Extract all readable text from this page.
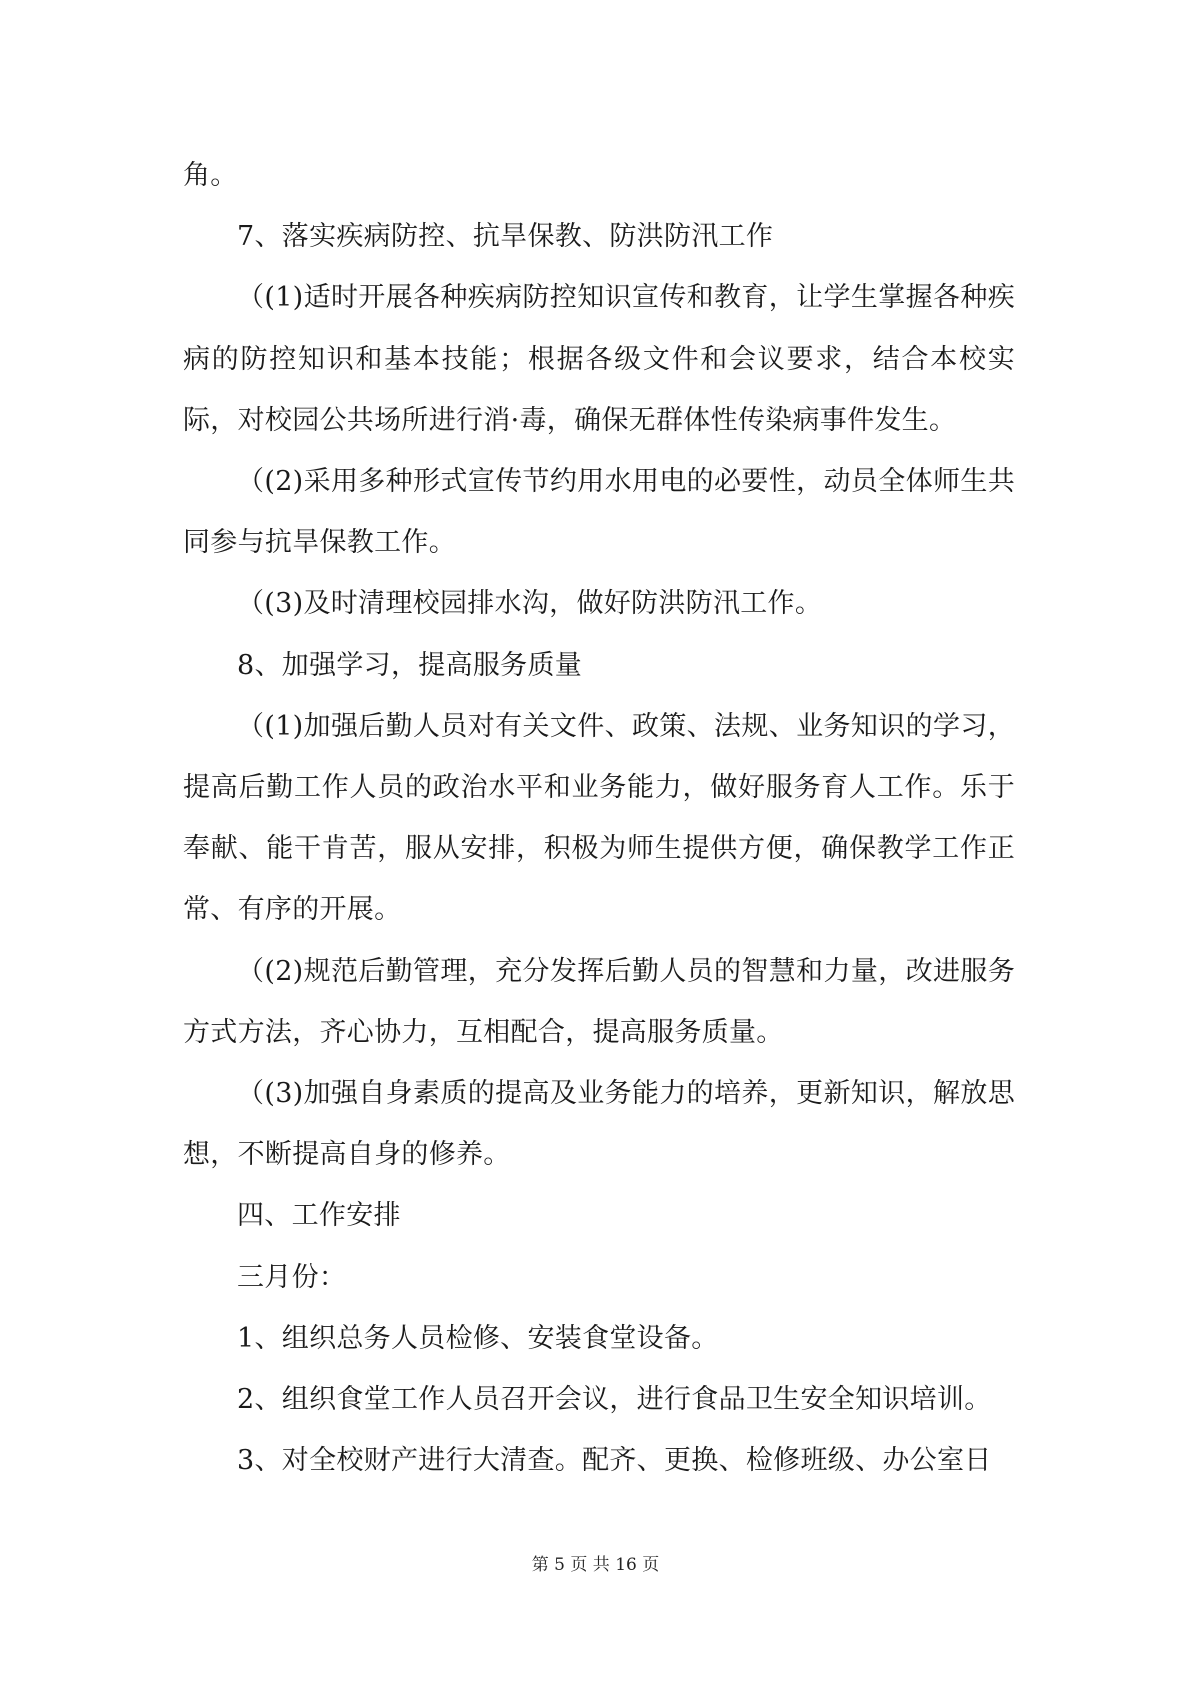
角。

7、落实疾病防控、抗旱保教、防洪防汛工作

（(1)适时开展各种疾病防控知识宣传和教育，让学生掌握各种疾病的防控知识和基本技能；根据各级文件和会议要求，结合本校实际，对校园公共场所进行消·毒，确保无群体性传染病事件发生。

（(2)采用多种形式宣传节约用水用电的必要性，动员全体师生共同参与抗旱保教工作。

（(3)及时清理校园排水沟，做好防洪防汛工作。

8、加强学习，提高服务质量

（(1)加强后勤人员对有关文件、政策、法规、业务知识的学习，提高后勤工作人员的政治水平和业务能力，做好服务育人工作。乐于奉献、能干肯苦，服从安排，积极为师生提供方便，确保教学工作正常、有序的开展。

（(2)规范后勤管理，充分发挥后勤人员的智慧和力量，改进服务方式方法，齐心协力，互相配合，提高服务质量。

（(3)加强自身素质的提高及业务能力的培养，更新知识，解放思想，不断提高自身的修养。

四、工作安排

三月份：

1、组织总务人员检修、安装食堂设备。

2、组织食堂工作人员召开会议，进行食品卫生安全知识培训。

3、对全校财产进行大清查。配齐、更换、检修班级、办公室日

第 5 页 共 16 页
